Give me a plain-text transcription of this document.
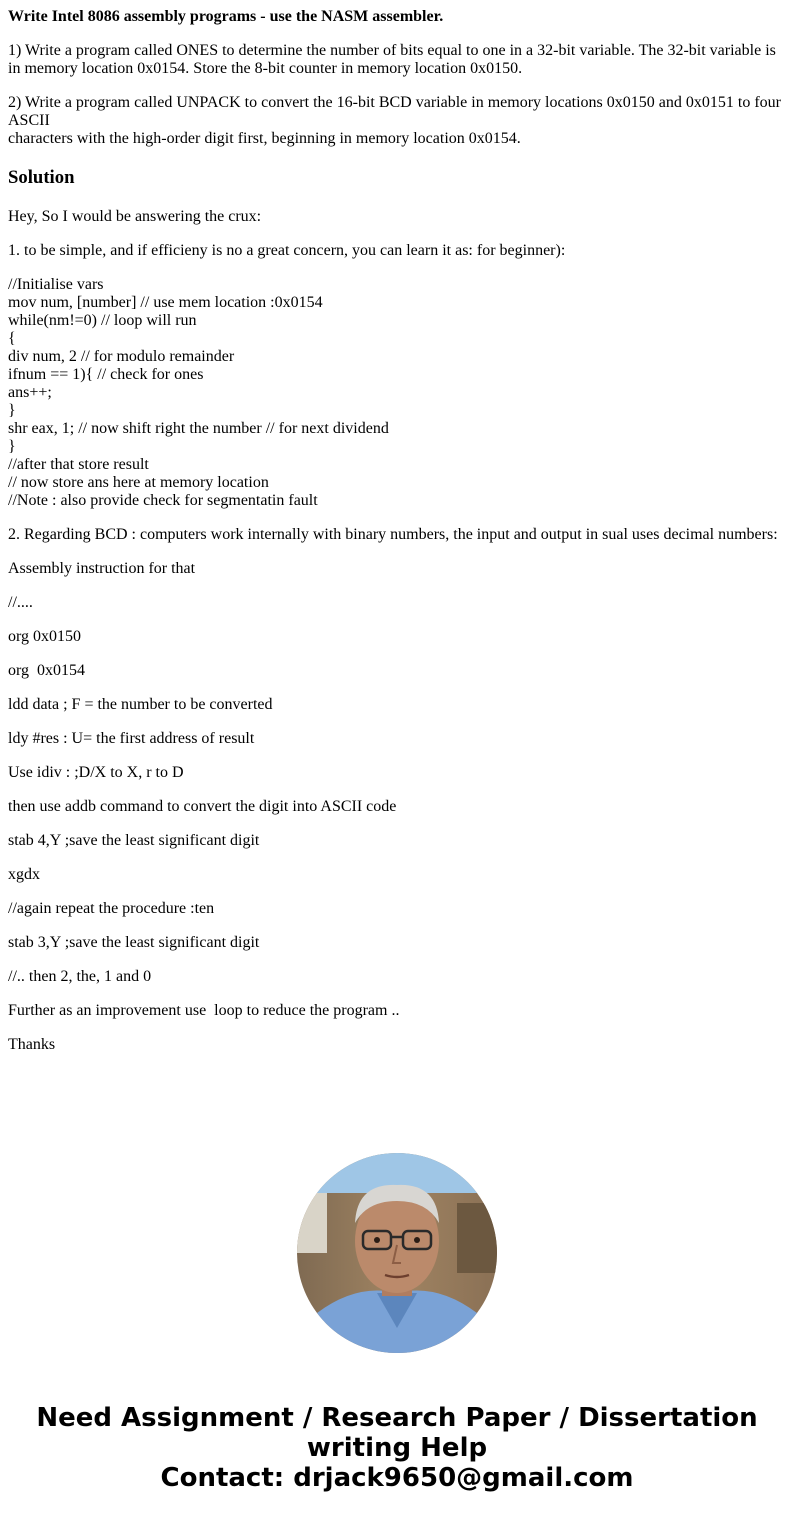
Write Intel 8086 assembly programs - use the NASM assembler.

1) Write a program called ONES to determine the number of bits equal to one in a 32-bit variable. The 32-bit variable is in memory location 0x0154. Store the 8-bit counter in memory location 0x0150.

2) Write a program called UNPACK to convert the 16-bit BCD variable in memory locations 0x0150 and 0x0151 to four ASCII
characters with the high-order digit first, beginning in memory location 0x0154.

Solution

Hey, So I would be answering the crux:

1. to be simple, and if efficieny is no a great concern, you can learn it as: for beginner):

//Initialise vars
mov num, [number] // use mem location :0x0154
while(nm!=0) // loop will run
{
div num, 2 // for modulo remainder
ifnum == 1){ // check for ones
ans++;
}
shr eax, 1; // now shift right the number // for next dividend
}
//after that store result
// now store ans here at memory location
//Note : also provide check for segmentatin fault

2. Regarding BCD : computers work internally with binary numbers, the input and output in sual uses decimal numbers:

Assembly instruction for that
//....
org 0x0150
org  0x0154
ldd data ; F = the number to be converted
ldy #res : U= the first address of result
Use idiv : ;D/X to X, r to D
then use addb command to convert the digit into ASCII code
stab 4,Y ;save the least significant digit
xgdx
//again repeat the procedure :ten
stab 3,Y ;save the least significant digit
//.. then 2, the, 1 and 0
Further as an improvement use  loop to reduce the program ..
Thanks
Need Assignment / Research Paper / Dissertation
writing Help
Contact: drjack9650@gmail.com
